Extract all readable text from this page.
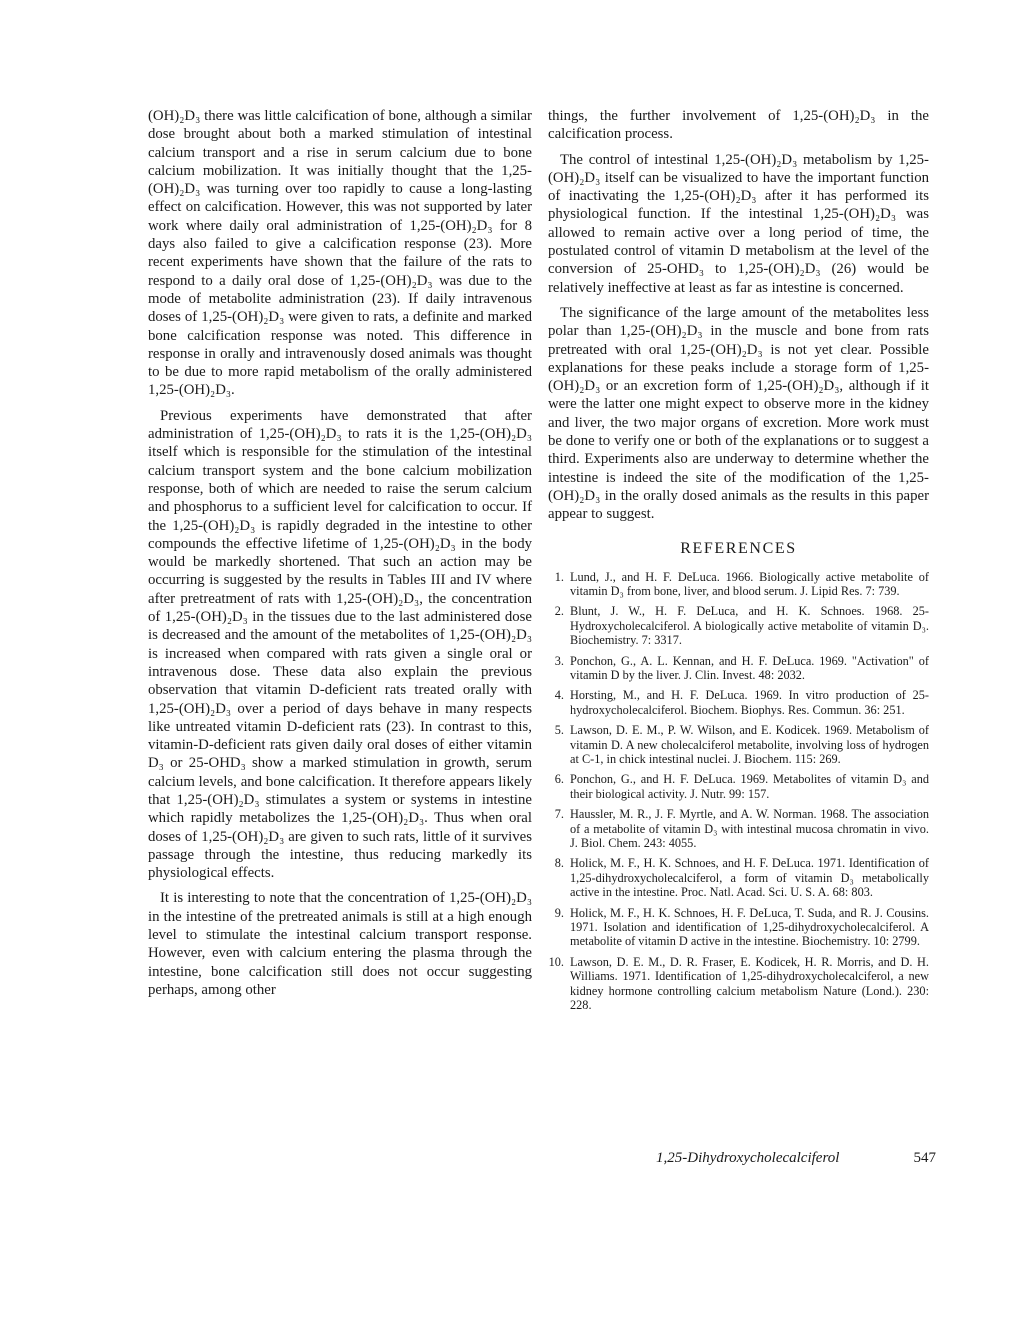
(OH)₂D₃ there was little calcification of bone, although a similar dose brought about both a marked stimulation of intestinal calcium transport and a rise in serum calcium due to bone calcium mobilization. It was initially thought that the 1,25-(OH)₂D₃ was turning over too rapidly to cause a long-lasting effect on calcification. However, this was not supported by later work where daily oral administration of 1,25-(OH)₂D₃ for 8 days also failed to give a calcification response (23). More recent experiments have shown that the failure of the rats to respond to a daily oral dose of 1,25-(OH)₂D₃ was due to the mode of metabolite administration (23). If daily intravenous doses of 1,25-(OH)₂D₃ were given to rats, a definite and marked bone calcification response was noted. This difference in response in orally and intravenously dosed animals was thought to be due to more rapid metabolism of the orally administered 1,25-(OH)₂D₃.

Previous experiments have demonstrated that after administration of 1,25-(OH)₂D₃ to rats it is the 1,25-(OH)₂D₃ itself which is responsible for the stimulation of the intestinal calcium transport system and the bone calcium mobilization response, both of which are needed to raise the serum calcium and phosphorus to a sufficient level for calcification to occur. If the 1,25-(OH)₂D₃ is rapidly degraded in the intestine to other compounds the effective lifetime of 1,25-(OH)₂D₃ in the body would be markedly shortened. That such an action may be occurring is suggested by the results in Tables III and IV where after pretreatment of rats with 1,25-(OH)₂D₃, the concentration of 1,25-(OH)₂D₃ in the tissues due to the last administered dose is decreased and the amount of the metabolites of 1,25-(OH)₂D₃ is increased when compared with rats given a single oral or intravenous dose. These data also explain the previous observation that vitamin D-deficient rats treated orally with 1,25-(OH)₂D₃ over a period of days behave in many respects like untreated vitamin D-deficient rats (23). In contrast to this, vitamin-D-deficient rats given daily oral doses of either vitamin D₃ or 25-OHD₃ show a marked stimulation in growth, serum calcium levels, and bone calcification. It therefore appears likely that 1,25-(OH)₂D₃ stimulates a system or systems in intestine which rapidly metabolizes the 1,25-(OH)₂D₃. Thus when oral doses of 1,25-(OH)₂D₃ are given to such rats, little of it survives passage through the intestine, thus reducing markedly its physiological effects.

It is interesting to note that the concentration of 1,25-(OH)₂D₃ in the intestine of the pretreated animals is still at a high enough level to stimulate the intestinal calcium transport response. However, even with calcium entering the plasma through the intestine, bone calcification still does not occur suggesting perhaps, among other

things, the further involvement of 1,25-(OH)₂D₃ in the calcification process.

The control of intestinal 1,25-(OH)₂D₃ metabolism by 1,25-(OH)₂D₃ itself can be visualized to have the important function of inactivating the 1,25-(OH)₂D₃ after it has performed its physiological function. If the intestinal 1,25-(OH)₂D₃ was allowed to remain active over a long period of time, the postulated control of vitamin D metabolism at the level of the conversion of 25-OHD₃ to 1,25-(OH)₂D₃ (26) would be relatively ineffective at least as far as intestine is concerned.

The significance of the large amount of the metabolites less polar than 1,25-(OH)₂D₃ in the muscle and bone from rats pretreated with oral 1,25-(OH)₂D₃ is not yet clear. Possible explanations for these peaks include a storage form of 1,25-(OH)₂D₃ or an excretion form of 1,25-(OH)₂D₃, although if it were the latter one might expect to observe more in the kidney and liver, the two major organs of excretion. More work must be done to verify one or both of the explanations or to suggest a third. Experiments also are underway to determine whether the intestine is indeed the site of the modification of the 1,25-(OH)₂D₃ in the orally dosed animals as the results in this paper appear to suggest.

REFERENCES
1. Lund, J., and H. F. DeLuca. 1966. Biologically active metabolite of vitamin D₃ from bone, liver, and blood serum. J. Lipid Res. 7: 739.
2. Blunt, J. W., H. F. DeLuca, and H. K. Schnoes. 1968. 25-Hydroxycholecalciferol. A biologically active metabolite of vitamin D₃. Biochemistry. 7: 3317.
3. Ponchon, G., A. L. Kennan, and H. F. DeLuca. 1969. "Activation" of vitamin D by the liver. J. Clin. Invest. 48: 2032.
4. Horsting, M., and H. F. DeLuca. 1969. In vitro production of 25-hydroxycholecalciferol. Biochem. Biophys. Res. Commun. 36: 251.
5. Lawson, D. E. M., P. W. Wilson, and E. Kodicek. 1969. Metabolism of vitamin D. A new cholecalciferol metabolite, involving loss of hydrogen at C-1, in chick intestinal nuclei. J. Biochem. 115: 269.
6. Ponchon, G., and H. F. DeLuca. 1969. Metabolites of vitamin D₃ and their biological activity. J. Nutr. 99: 157.
7. Haussler, M. R., J. F. Myrtle, and A. W. Norman. 1968. The association of a metabolite of vitamin D₃ with intestinal mucosa chromatin in vivo. J. Biol. Chem. 243: 4055.
8. Holick, M. F., H. K. Schnoes, and H. F. DeLuca. 1971. Identification of 1,25-dihydroxycholecalciferol, a form of vitamin D₃ metabolically active in the intestine. Proc. Natl. Acad. Sci. U. S. A. 68: 803.
9. Holick, M. F., H. K. Schnoes, H. F. DeLuca, T. Suda, and R. J. Cousins. 1971. Isolation and identification of 1,25-dihydroxycholecalciferol. A metabolite of vitamin D active in the intestine. Biochemistry. 10: 2799.
10. Lawson, D. E. M., D. R. Fraser, E. Kodicek, H. R. Morris, and D. H. Williams. 1971. Identification of 1,25-dihydroxycholecalciferol, a new kidney hormone controlling calcium metabolism Nature (Lond.). 230: 228.
1,25-Dihydroxycholecalciferol	547
